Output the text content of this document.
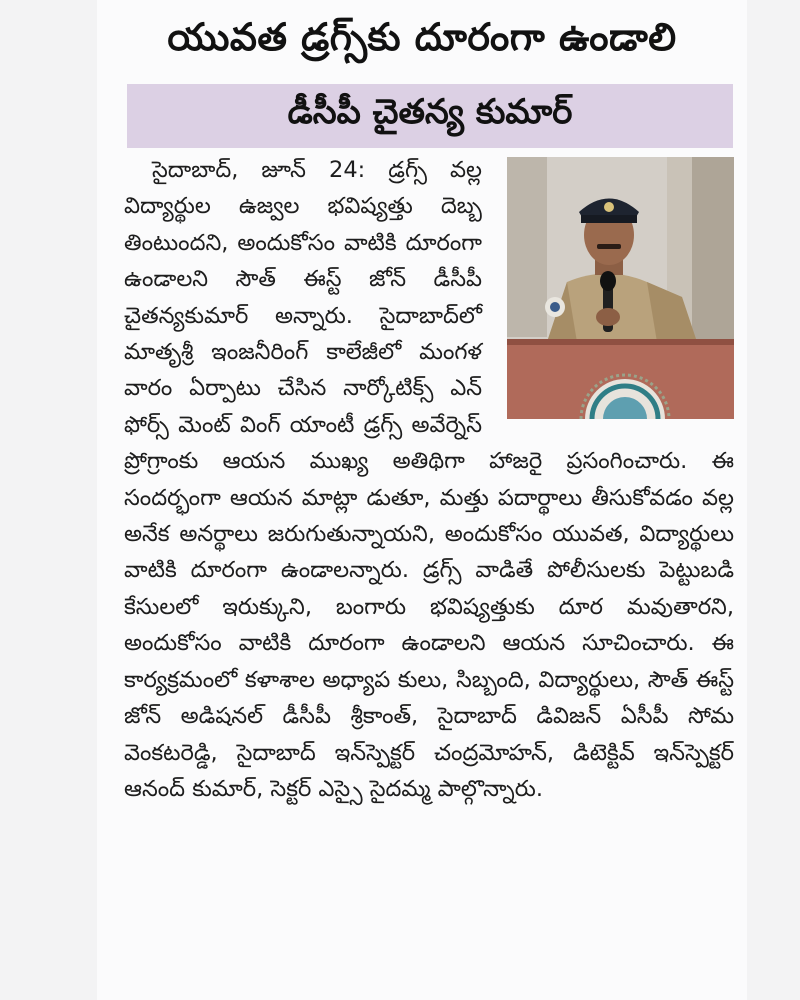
యువత డ్రగ్స్‌కు దూరంగా ఉండాలి
డీసీపీ చైతన్య కుమార్

సైదాబాద్, జూన్ 24: డ్రగ్స్ వల్ల విద్యార్థుల ఉజ్వల భవిష్యత్తు దెబ్బ తింటుందని, అందుకోసం వాటికి దూరంగా ఉండాలని సౌత్ ఈస్ట్ జోన్ డీసీపీ చైతన్యకుమార్ అన్నారు. సైదాబాద్‌లో మాతృశ్రీ ఇంజనీరింగ్ కాలేజీలో మంగళ వారం ఏర్పాటు చేసిన నార్కోటిక్స్ ఎన్ ఫోర్స్ మెంట్ వింగ్ యాంటీ డ్రగ్స్ అవేర్నెస్ ప్రోగ్రాంకు ఆయన ముఖ్య అతిథిగా హాజరై ప్రసంగించారు. ఈ సందర్భంగా ఆయన మాట్లా డుతూ, మత్తు పదార్థాలు తీసుకోవడం వల్ల అనేక అనర్థాలు జరుగుతున్నాయని, అందుకోసం యువత, విద్యార్థులు వాటికి దూరంగా ఉండాలన్నారు. డ్రగ్స్ వాడితే పోలీసులకు పెట్టుబడి కేసులలో ఇరుక్కుని, బంగారు భవిష్యత్తుకు దూర మవుతారని, అందుకోసం వాటికి దూరంగా ఉండాలని ఆయన సూచించారు. ఈ కార్యక్రమంలో కళాశాల అధ్యాప కులు, సిబ్బంది, విద్యార్థులు, సౌత్ ఈస్ట్ జోన్ అడిషనల్ డీసీపీ శ్రీకాంత్, సైదాబాద్ డివిజన్ ఏసీపీ సోమ వెంకటరెడ్డి, సైదాబాద్ ఇన్‌స్పెక్టర్ చంద్రమోహన్, డిటెక్టివ్ ఇన్‌స్పెక్టర్ ఆనంద్ కుమార్, సెక్టర్ ఎస్సై సైదమ్మ పాల్గొన్నారు.
